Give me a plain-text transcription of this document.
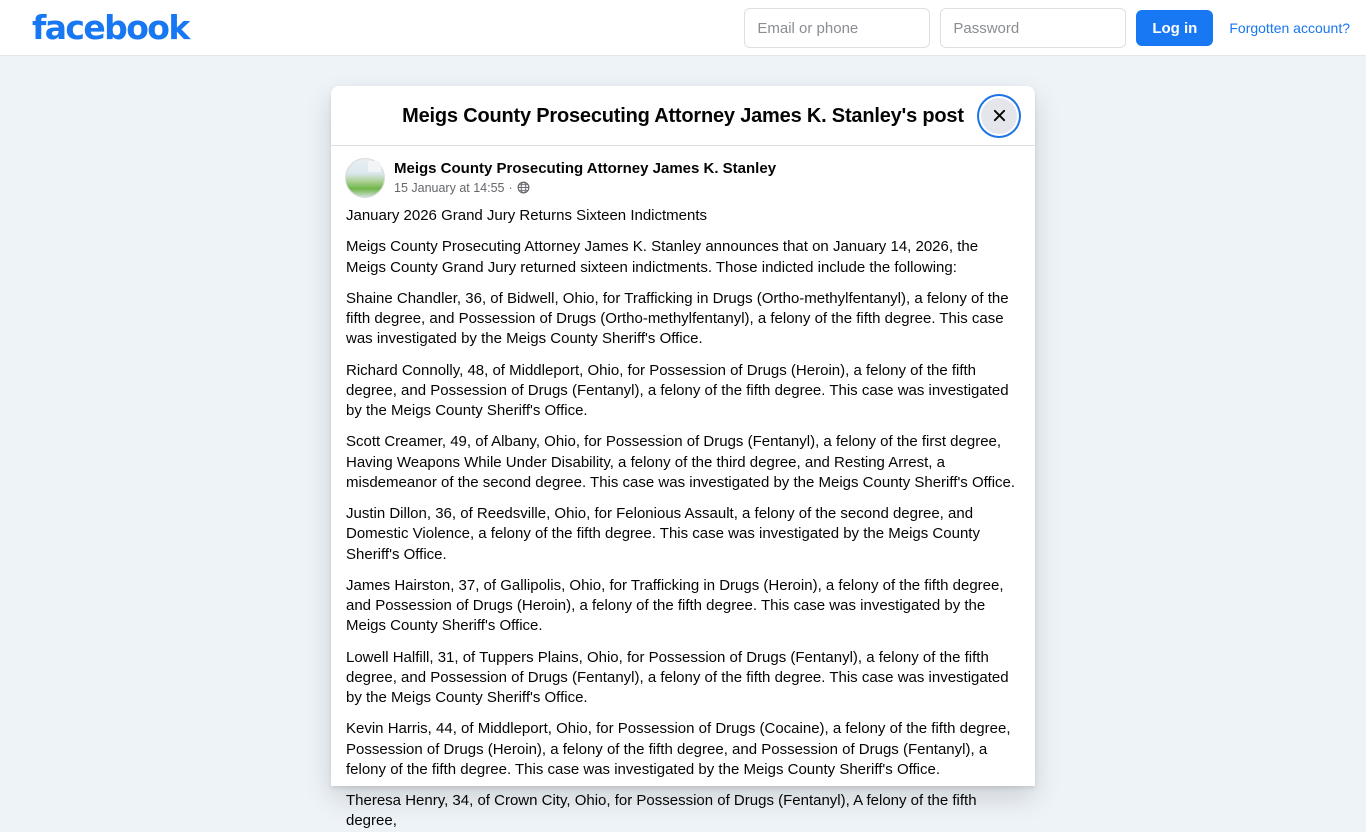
facebook
Email or phone	Log in	Forgotten account?
Meigs County Prosecuting Attorney James K. Stanley's post
Meigs County Prosecuting Attorney James K. Stanley
15 January at 14:55 ·

January 2026 Grand Jury Returns Sixteen Indictments

Meigs County Prosecuting Attorney James K. Stanley announces that on January 14, 2026, the Meigs County Grand Jury returned sixteen indictments. Those indicted include the following:

Shaine Chandler, 36, of Bidwell, Ohio, for Trafficking in Drugs (Ortho-methylfentanyl), a felony of the fifth degree, and Possession of Drugs (Ortho-methylfentanyl), a felony of the fifth degree. This case was investigated by the Meigs County Sheriff's Office.

Richard Connolly, 48, of Middleport, Ohio, for Possession of Drugs (Heroin), a felony of the fifth degree, and Possession of Drugs (Fentanyl), a felony of the fifth degree. This case was investigated by the Meigs County Sheriff's Office.

Scott Creamer, 49, of Albany, Ohio, for Possession of Drugs (Fentanyl), a felony of the first degree, Having Weapons While Under Disability, a felony of the third degree, and Resting Arrest, a misdemeanor of the second degree. This case was investigated by the Meigs County Sheriff's Office.

Justin Dillon, 36, of Reedsville, Ohio, for Felonious Assault, a felony of the second degree, and Domestic Violence, a felony of the fifth degree. This case was investigated by the Meigs County Sheriff's Office.

James Hairston, 37, of Gallipolis, Ohio, for Trafficking in Drugs (Heroin), a felony of the fifth degree, and Possession of Drugs (Heroin), a felony of the fifth degree. This case was investigated by the Meigs County Sheriff's Office.

Lowell Halfill, 31, of Tuppers Plains, Ohio, for Possession of Drugs (Fentanyl), a felony of the fifth degree, and Possession of Drugs (Fentanyl), a felony of the fifth degree. This case was investigated by the Meigs County Sheriff's Office.

Kevin Harris, 44, of Middleport, Ohio, for Possession of Drugs (Cocaine), a felony of the fifth degree, Possession of Drugs (Heroin), a felony of the fifth degree, and Possession of Drugs (Fentanyl), a felony of the fifth degree. This case was investigated by the Meigs County Sheriff's Office.

Theresa Henry, 34, of Crown City, Ohio, for Possession of Drugs (Fentanyl), A felony of the fifth degree,
